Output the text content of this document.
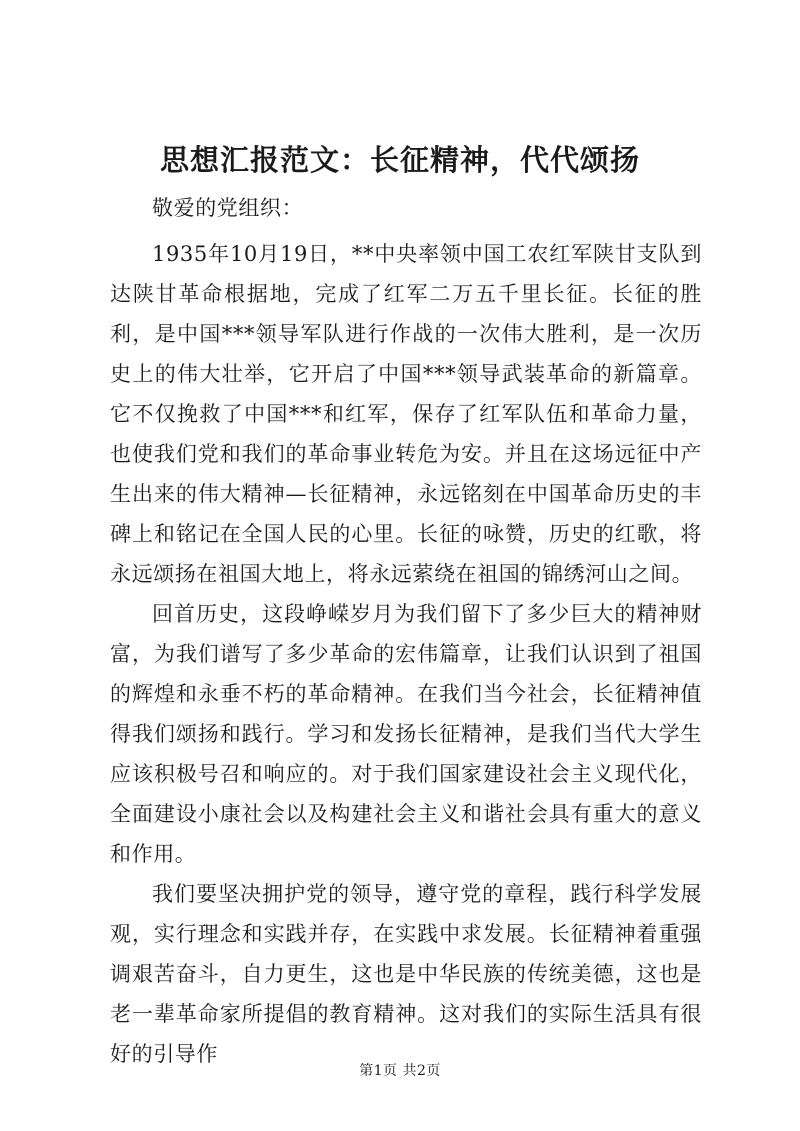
思想汇报范文：长征精神，代代颂扬

敬爱的党组织：

1935年10月19日，**中央率领中国工农红军陕甘支队到达陕甘革命根据地，完成了红军二万五千里长征。长征的胜利，是中国***领导军队进行作战的一次伟大胜利，是一次历史上的伟大壮举，它开启了中国***领导武装革命的新篇章。它不仅挽救了中国***和红军，保存了红军队伍和革命力量，也使我们党和我们的革命事业转危为安。并且在这场远征中产生出来的伟大精神—长征精神，永远铭刻在中国革命历史的丰碑上和铭记在全国人民的心里。长征的咏赞，历史的红歌，将永远颂扬在祖国大地上，将永远萦绕在祖国的锦绣河山之间。

回首历史，这段峥嵘岁月为我们留下了多少巨大的精神财富，为我们谱写了多少革命的宏伟篇章，让我们认识到了祖国的辉煌和永垂不朽的革命精神。在我们当今社会，长征精神值得我们颂扬和践行。学习和发扬长征精神，是我们当代大学生应该积极号召和响应的。对于我们国家建设社会主义现代化，全面建设小康社会以及构建社会主义和谐社会具有重大的意义和作用。

我们要坚决拥护党的领导，遵守党的章程，践行科学发展观，实行理念和实践并存，在实践中求发展。长征精神着重强调艰苦奋斗，自力更生，这也是中华民族的传统美德，这也是老一辈革命家所提倡的教育精神。这对我们的实际生活具有很好的引导作

第1页 共2页
